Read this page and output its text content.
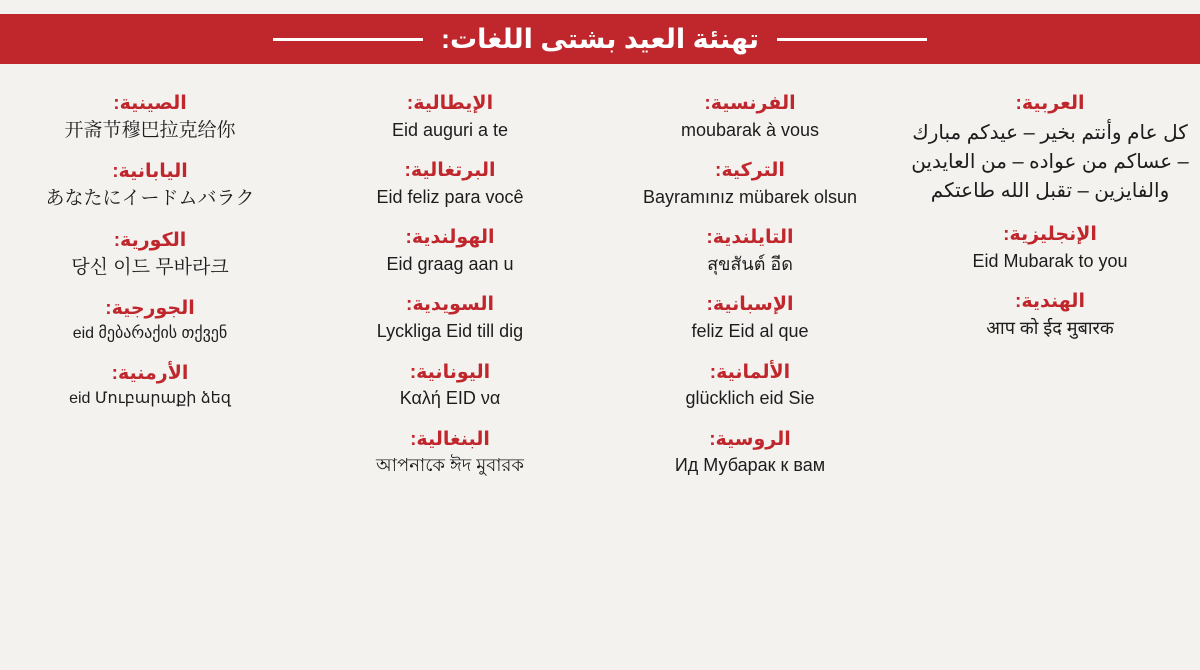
تهنئة العيد بشتى اللغات:
العربية:
كل عام وأنتم بخير – عيدكم مبارك – عساكم من عواده – من العايدين والفايزين – تقبل الله طاعتكم
الإنجليزية:
Eid Mubarak to you
الهندية:
आप को ईद मुबारक
الفرنسية:
moubarak à vous
التركية:
Bayramınız mübarek olsun
التايلندية:
สุขสันต์ อีด
الإسبانية:
feliz Eid al que
الألمانية:
glücklich eid Sie
الروسية:
Ид Мубарак к вам
الإيطالية:
Eid auguri a te
البرتغالية:
Eid feliz para você
الهولندية:
Eid graag aan u
السويدية:
Lyckliga Eid till dig
اليونانية:
Καλή EID να
البنغالية:
আপনাকে ঈদ মুবারক
الصينية:
开斋节穆巴拉克给你
اليابانية:
あなたにイードムバラク
الكورية:
당신 이드 무바라크
الجورجية:
eid მებარაქის თქვენ
الأرمنية:
eid Մուբարաքի ձեզ
